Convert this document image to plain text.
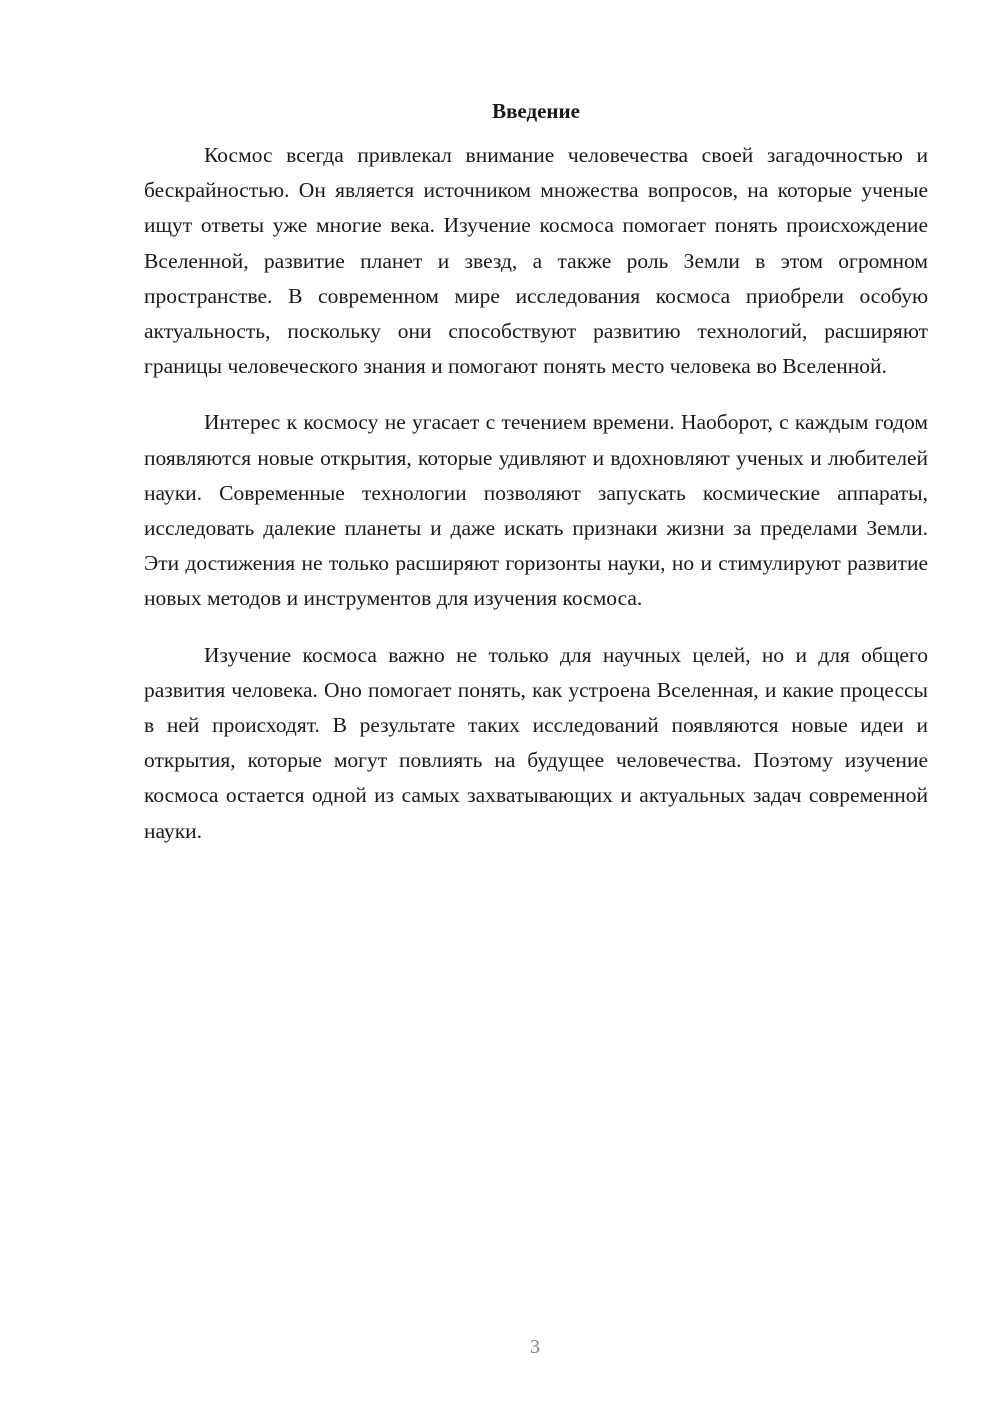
Введение

Космос всегда привлекал внимание человечества своей загадочностью и бескрайностью. Он является источником множества вопросов, на которые ученые ищут ответы уже многие века. Изучение космоса помогает понять происхождение Вселенной, развитие планет и звезд, а также роль Земли в этом огромном пространстве. В современном мире исследования космоса приобрели особую актуальность, поскольку они способствуют развитию технологий, расширяют границы человеческого знания и помогают понять место человека во Вселенной.

Интерес к космосу не угасает с течением времени. Наоборот, с каждым годом появляются новые открытия, которые удивляют и вдохновляют ученых и любителей науки. Современные технологии позволяют запускать космические аппараты, исследовать далекие планеты и даже искать признаки жизни за пределами Земли. Эти достижения не только расширяют горизонты науки, но и стимулируют развитие новых методов и инструментов для изучения космоса.

Изучение космоса важно не только для научных целей, но и для общего развития человека. Оно помогает понять, как устроена Вселенная, и какие процессы в ней происходят. В результате таких исследований появляются новые идеи и открытия, которые могут повлиять на будущее человечества. Поэтому изучение космоса остается одной из самых захватывающих и актуальных задач современной науки.

3
